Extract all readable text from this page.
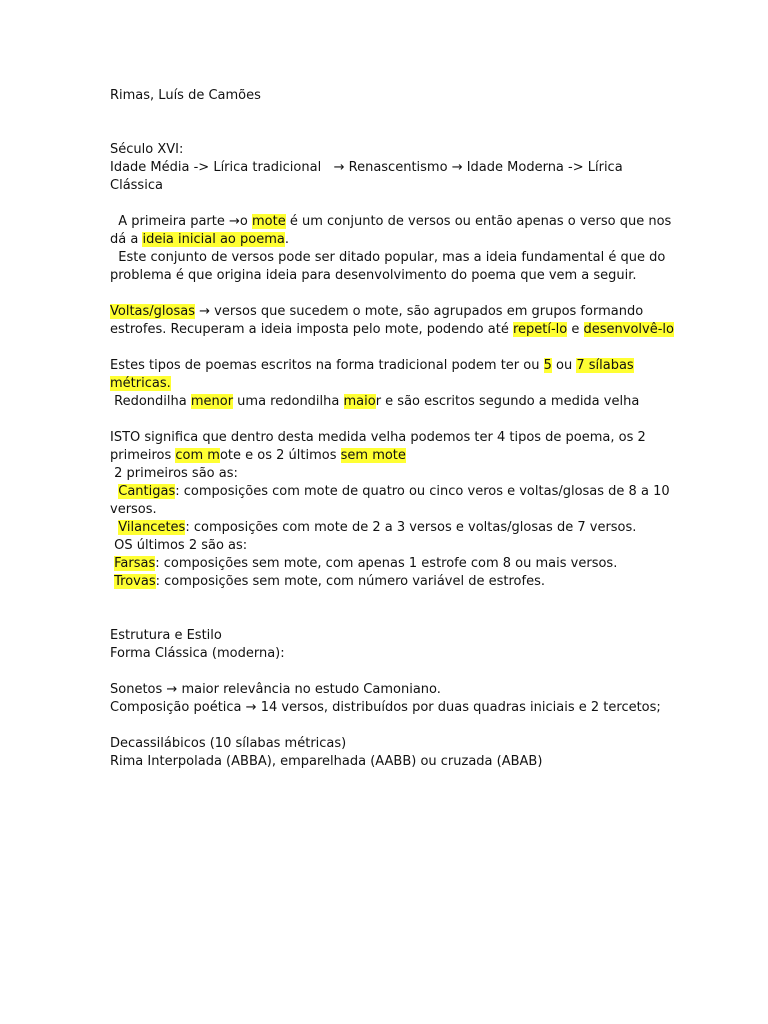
Rimas, Luís de Camões
Século XVI:
Idade Média -> Lírica tradicional   → Renascentismo → Idade Moderna -> Lírica
Clássica
A primeira parte →o mote é um conjunto de versos ou então apenas o verso que nos
dá a ideia inicial ao poema.
Este conjunto de versos pode ser ditado popular, mas a ideia fundamental é que do
problema é que origina ideia para desenvolvimento do poema que vem a seguir.
Voltas/glosas → versos que sucedem o mote, são agrupados em grupos formando
estrofes. Recuperam a ideia imposta pelo mote, podendo até repetí-lo e desenvolvê-lo
Estes tipos de poemas escritos na forma tradicional podem ter ou 5 ou 7 sílabas
métricas.
Redondilha menor uma redondilha maior e são escritos segundo a medida velha
ISTO significa que dentro desta medida velha podemos ter 4 tipos de poema, os 2
primeiros com mote e os 2 últimos sem mote
2 primeiros são as:
Cantigas: composições com mote de quatro ou cinco veros e voltas/glosas de 8 a 10
versos.
Vilancetes: composições com mote de 2 a 3 versos e voltas/glosas de 7 versos.
OS últimos 2 são as:
Farsas: composições sem mote, com apenas 1 estrofe com 8 ou mais versos.
Trovas: composições sem mote, com número variável de estrofes.
Estrutura e Estilo
Forma Clássica (moderna):
Sonetos → maior relevância no estudo Camoniano.
Composição poética → 14 versos, distribuídos por duas quadras iniciais e 2 tercetos;
Decassilábicos (10 sílabas métricas)
Rima Interpolada (ABBA), emparelhada (AABB) ou cruzada (ABAB)
